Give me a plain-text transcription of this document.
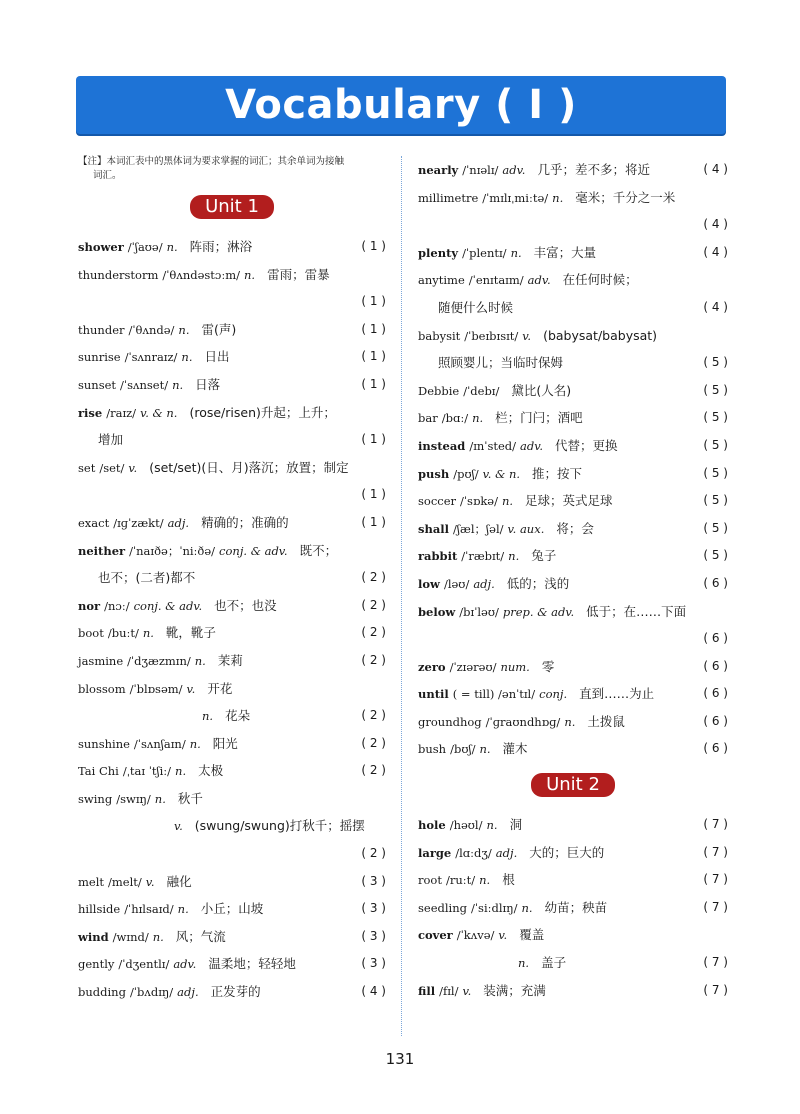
Vocabulary ( I )
【注】本词汇表中的黑体词为要求掌握的词汇；其余单词为接触
词汇。
Unit 1
shower /ˈʃaʊə/ n. 阵雨；淋浴	( 1 )
thunderstorm /ˈθʌndəstɔːm/ n. 雷雨；雷暴
( 1 )
thunder /ˈθʌndə/ n. 雷(声)	( 1 )
sunrise /ˈsʌnraɪz/ n. 日出	( 1 )
sunset /ˈsʌnset/ n. 日落	( 1 )
rise /raɪz/ v. & n. (rose/risen)升起；上升；
增加	( 1 )
set /set/ v. (set/set)(日、月)落沉；放置；制定
( 1 )
exact /ɪɡˈzækt/ adj. 精确的；准确的	( 1 )
neither /ˈnaɪðə；ˈniːðə/ conj. & adv. 既不；
也不；(二者)都不	( 2 )
nor /nɔː/ conj. & adv. 也不；也没	( 2 )
boot /buːt/ n. 靴，靴子	( 2 )
jasmine /ˈdʒæzmɪn/ n. 茉莉	( 2 )
blossom /ˈblɒsəm/ v. 开花
n. 花朵	( 2 )
sunshine /ˈsʌnʃaɪn/ n. 阳光	( 2 )
Tai Chi /ˌtaɪ ˈtʃiː/ n. 太极	( 2 )
swing /swɪŋ/ n. 秋千
v. (swung/swung)打秋千；摇摆
( 2 )
melt /melt/ v. 融化	( 3 )
hillside /ˈhɪlsaɪd/ n. 小丘；山坡	( 3 )
wind /wɪnd/ n. 风；气流	( 3 )
gently /ˈdʒentlɪ/ adv. 温柔地；轻轻地	( 3 )
budding /ˈbʌdɪŋ/ adj. 正发芽的	( 4 )
nearly /ˈnɪəlɪ/ adv. 几乎；差不多；将近	( 4 )
millimetre /ˈmɪlɪˌmiːtə/ n. 毫米；千分之一米
( 4 )
plenty /ˈplentɪ/ n. 丰富；大量	( 4 )
anytime /ˈenɪtaɪm/ adv. 在任何时候；
随便什么时候	( 4 )
babysit /ˈbeɪbɪsɪt/ v. (babysat/babysat)
照顾婴儿；当临时保姆	( 5 )
Debbie /ˈdebɪ/ 黛比(人名)	( 5 )
bar /bɑː/ n. 栏；门闩；酒吧	( 5 )
instead /ɪnˈsted/ adv. 代替；更换	( 5 )
push /pʊʃ/ v. & n. 推；按下	( 5 )
soccer /ˈsɒkə/ n. 足球；英式足球	( 5 )
shall /ʃæl；ʃəl/ v. aux. 将；会	( 5 )
rabbit /ˈræbɪt/ n. 兔子	( 5 )
low /ləʊ/ adj. 低的；浅的	( 6 )
below /bɪˈləʊ/ prep. & adv. 低于；在……下面
( 6 )
zero /ˈzɪərəʊ/ num. 零	( 6 )
until ( = till) /ənˈtɪl/ conj. 直到……为止	( 6 )
groundhog /ˈɡraʊndhɒɡ/ n. 土拨鼠	( 6 )
bush /bʊʃ/ n. 灌木	( 6 )
Unit 2
hole /həʊl/ n. 洞	( 7 )
large /lɑːdʒ/ adj. 大的；巨大的	( 7 )
root /ruːt/ n. 根	( 7 )
seedling /ˈsiːdlɪŋ/ n. 幼苗；秧苗	( 7 )
cover /ˈkʌvə/ v. 覆盖
n. 盖子	( 7 )
fill /fɪl/ v. 装满；充满	( 7 )
131
